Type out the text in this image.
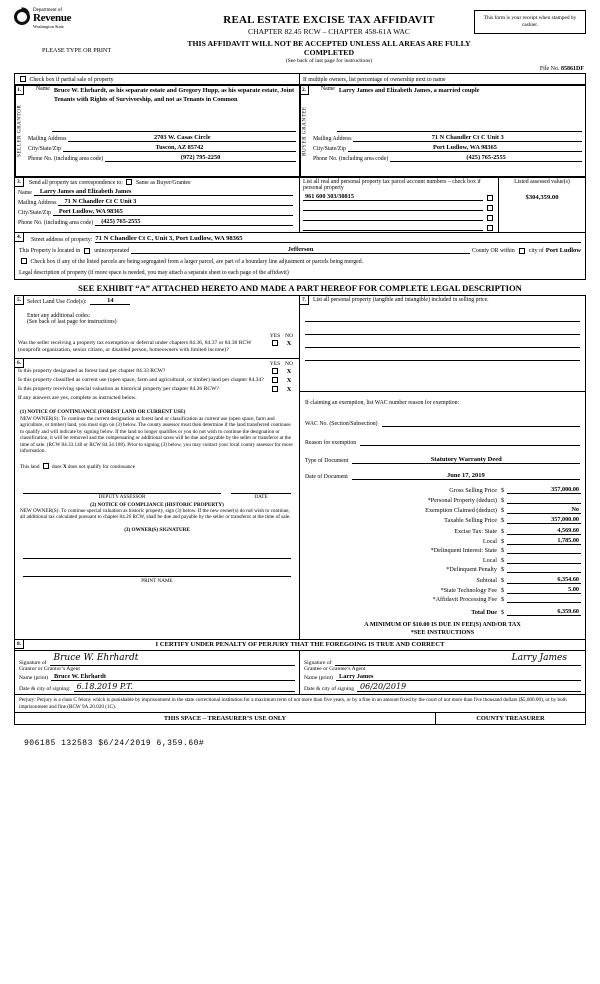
Department of
Revenue
Washington State
REAL ESTATE EXCISE TAX AFFIDAVIT
CHAPTER 82.45 RCW – CHAPTER 458-61A WAC
THIS AFFIDAVIT WILL NOT BE ACCEPTED UNLESS ALL AREAS ARE FULLY COMPLETED
(See back of last page for instructions)
This form is your receipt when stamped by cashier.
PLEASE TYPE OR PRINT
File No. 85861DF
Check box if partial sale of property	If multiple owners, list percentage of ownership next to name
1.
SELLER GRANTOR
Name Bruce W. Ehrhardt, as his separate estate and Gregory Hupp, as his separate estate, Joint Tenants with Rights of Survivorship, and not as Tenants in Common
Mailing Address	2703 W. Casas Circle
City/State/Zip	Tuscon, AZ 85742
Phone No. (including area code)	(972) 795-2250
2.
BUYER GRANTEE
Name Larry James and Elizabeth James, a married couple
Mailing Address	71 N Chandler Ct C Unit 3
City/State/Zip	Port Ludlow, WA 98365
Phone No. (including area code)	(425) 765-2555
3.	Send all property tax correspondence to: Same as Buyer/Grantee
Name	Larry James and Elizabeth James
Mailing Address	71 N Chandler Ct C Unit 3
City/State/Zip	Port Ludlow, WA 98365
Phone No. (including area code)	(425) 765-2555
List all real and personal property tax parcel account numbers – check box if personal property
Listed assessed value(s)
961 600 303/30815	$304,359.00
4.	Street address of property: 71 N Chandler Ct C, Unit 3, Port Ludlow, WA 98365
This Property is located in unincorporated	Jefferson	County OR within city of Port Ludlow
Check box if any of the listed parcels are being segregated from a larger parcel, are part of a boundary line adjustment or parcels being merged.
Legal description of property (if more space is needed, you may attach a separate sheet to each page of the affidavit)
SEE EXHIBIT “A” ATTACHED HERETO AND MADE A PART HEREOF FOR COMPLETE LEGAL DESCRIPTION
5.	Select Land Use Code(s):	14
Enter any additional codes:
(See back of last page for instructions)
YES NO
Was the seller receiving a property tax exemption or deferral under chapters 84.36, 84.37 or 84.38 RCW (nonprofit organization, senior citizen, or disabled person, homeowners with limited income)?
X
6.	YES NO
Is this property designated as forest land per chapter 84.33 RCW?	X
Is this property classified as current use (open space, farm and agricultural, or timber) land per chapter 84.34?	X
Is this property receiving special valuation as historical property per chapter 84.26 RCW?	X
If any answers are yes, complete as instructed below.
(1) NOTICE OF CONTINUANCE (FOREST LAND OR CURRENT USE)
NEW OWNER(S): To continue the current designation as forest land or classification as current use (open space, farm and agriculture, or timber) land, you must sign on (3) below. The county assessor must then determine if the land transferred continues to qualify and will indicate by signing below. If the land no longer qualifies or you do not wish to continue the designation or classification, it will be removed and the compensating or additional taxes will be due and payable by the seller or transferor at the time of sale. (RCW 84.33.140 or RCW 84.34.108). Prior to signing (3) below, you may contact your local county assessor for more information.
This land does X does not qualify for continuance
DEPUTY ASSESSOR	DATE
(2) NOTICE OF COMPLIANCE (HISTORIC PROPERTY)
NEW OWNER(S): To continue special valuation as historic property, sign (3) below. If the new owner(s) do not wish to continue, all additional tax calculated pursuant to chapter 84.26 RCW, shall be due and payable by the seller or transferor at the time of sale.
(3) OWNER(S) SIGNATURE
PRINT NAME
7.	List all personal property (tangible and intangible) included in selling price.
If claiming an exemption, list WAC number reason for exemption:
WAC No. (Section/Subsection)
Reason for exemption
Type of Document	Statutory Warranty Deed
Date of Document	June 17, 2019
Gross Selling Price $	357,000.00
*Personal Property (deduct) $
Exemption Claimed (deduct) $	No
Taxable Selling Price $	357,000.00
Excise Tax: State $	4,569.60
Local $	1,785.00
*Delinquent Interest: State $
Local $
*Delinquent Penalty $
Subtotal $	6,354.60
*State Technology Fee $	5.00
*Affidavit Processing Fee $
Total Due $	6,359.60
A MINIMUM OF $10.00 IS DUE IN FEE(S) AND/OR TAX
*SEE INSTRUCTIONS
8.	I CERTIFY UNDER PENALTY OF PERJURY THAT THE FOREGOING IS TRUE AND CORRECT
Signature of Bruce W. Ehrhardt
Grantor or Grantor’s Agent
Name (print) Bruce W. Ehrhardt
Date & city of signing: 6.18.2019 P.T.
Signature of	Larry James
Grantee or Grantee’s Agent
Name (print) Larry James
Date & city of signing 06/20/2019
Perjury: Perjury is a class C felony which is punishable by imprisonment in the state correctional institution for a maximum term of not more than five years, or by a fine in an amount fixed by the court of not more than five thousand dollars ($5,000.00), or by both imprisonment and fine (RCW 9A.20.020 (1C).
THIS SPACE – TREASURER’S USE ONLY	COUNTY TREASURER
906185 132583 $6/24/2019 6,359.60#
